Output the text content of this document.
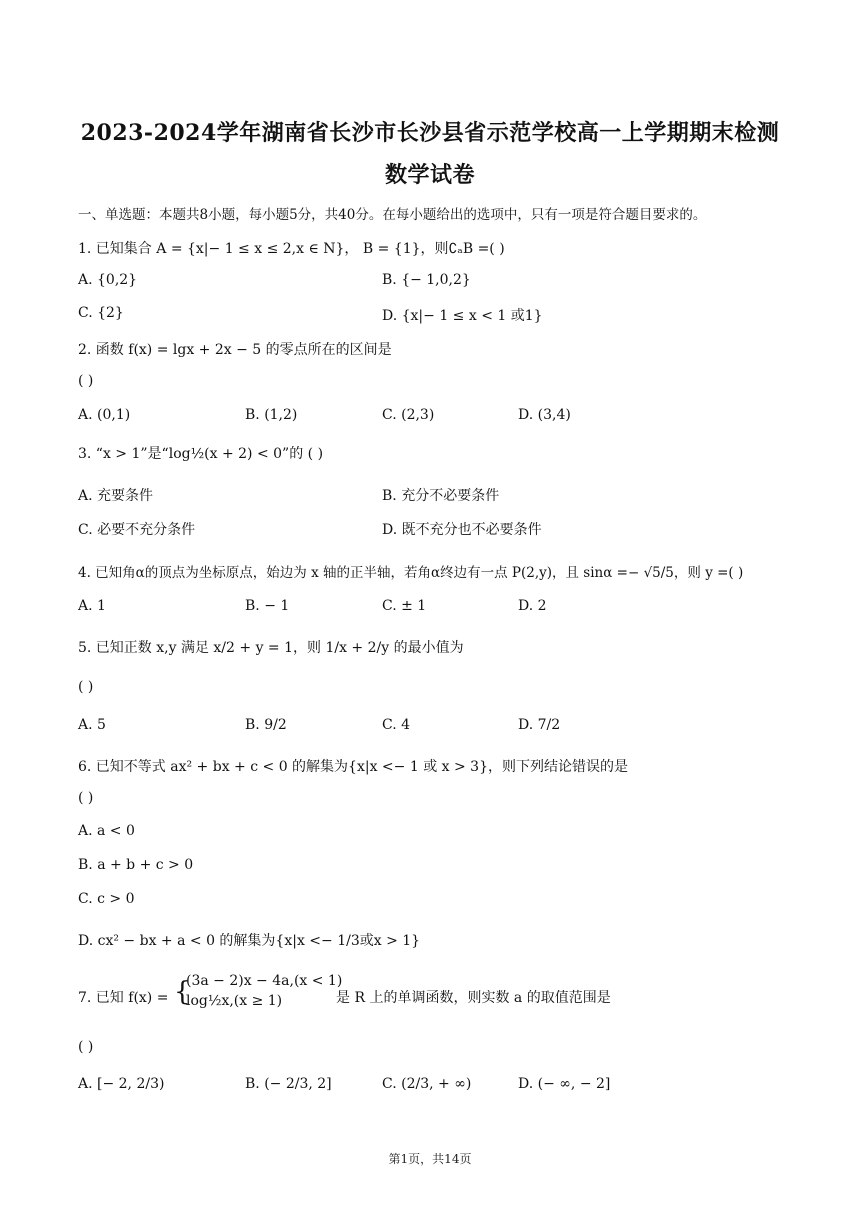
2023-2024学年湖南省长沙市长沙县省示范学校高一上学期期末检测
数学试卷
一、单选题：本题共8小题，每小题5分，共40分。在每小题给出的选项中，只有一项是符合题目要求的。
1. 已知集合 A = {x|− 1 ≤ x ≤ 2,x ∈ N}， B = {1}，则∁ₐB =( )
A. {0,2}	B. {− 1,0,2}
C. {2}	D. {x|− 1 ≤ x < 1 或1}
2. 函数 f(x) = lgx + 2x − 5 的零点所在的区间是
( )
A. (0,1)	B. (1,2)	C. (2,3)	D. (3,4)
3. “x > 1”是“log½(x + 2) < 0”的 ( )
A. 充要条件	B. 充分不必要条件
C. 必要不充分条件	D. 既不充分也不必要条件
4. 已知角α的顶点为坐标原点，始边为 x 轴的正半轴，若角α终边有一点 P(2,y)，且 sinα =− √5/5，则 y =( )
A. 1	B. − 1	C. ± 1	D. 2
5. 已知正数 x,y 满足 x/2 + y = 1，则 1/x + 2/y 的最小值为
( )
A. 5	B. 9/2	C. 4	D. 7/2
6. 已知不等式 ax² + bx + c < 0 的解集为{x|x <− 1 或 x > 3}，则下列结论错误的是
( )
A. a < 0
B. a + b + c > 0
C. c > 0
D. cx² − bx + a < 0 的解集为{x|x <− 1/3或x > 1}
7. 已知 f(x) = {
(3a − 2)x − 4a,(x < 1)
log½x,(x ≥ 1)	是 R 上的单调函数，则实数 a 的取值范围是
( )
A. [− 2, 2/3)	B. (− 2/3, 2]	C. (2/3, + ∞)	D. (− ∞, − 2]
第1页，共14页
